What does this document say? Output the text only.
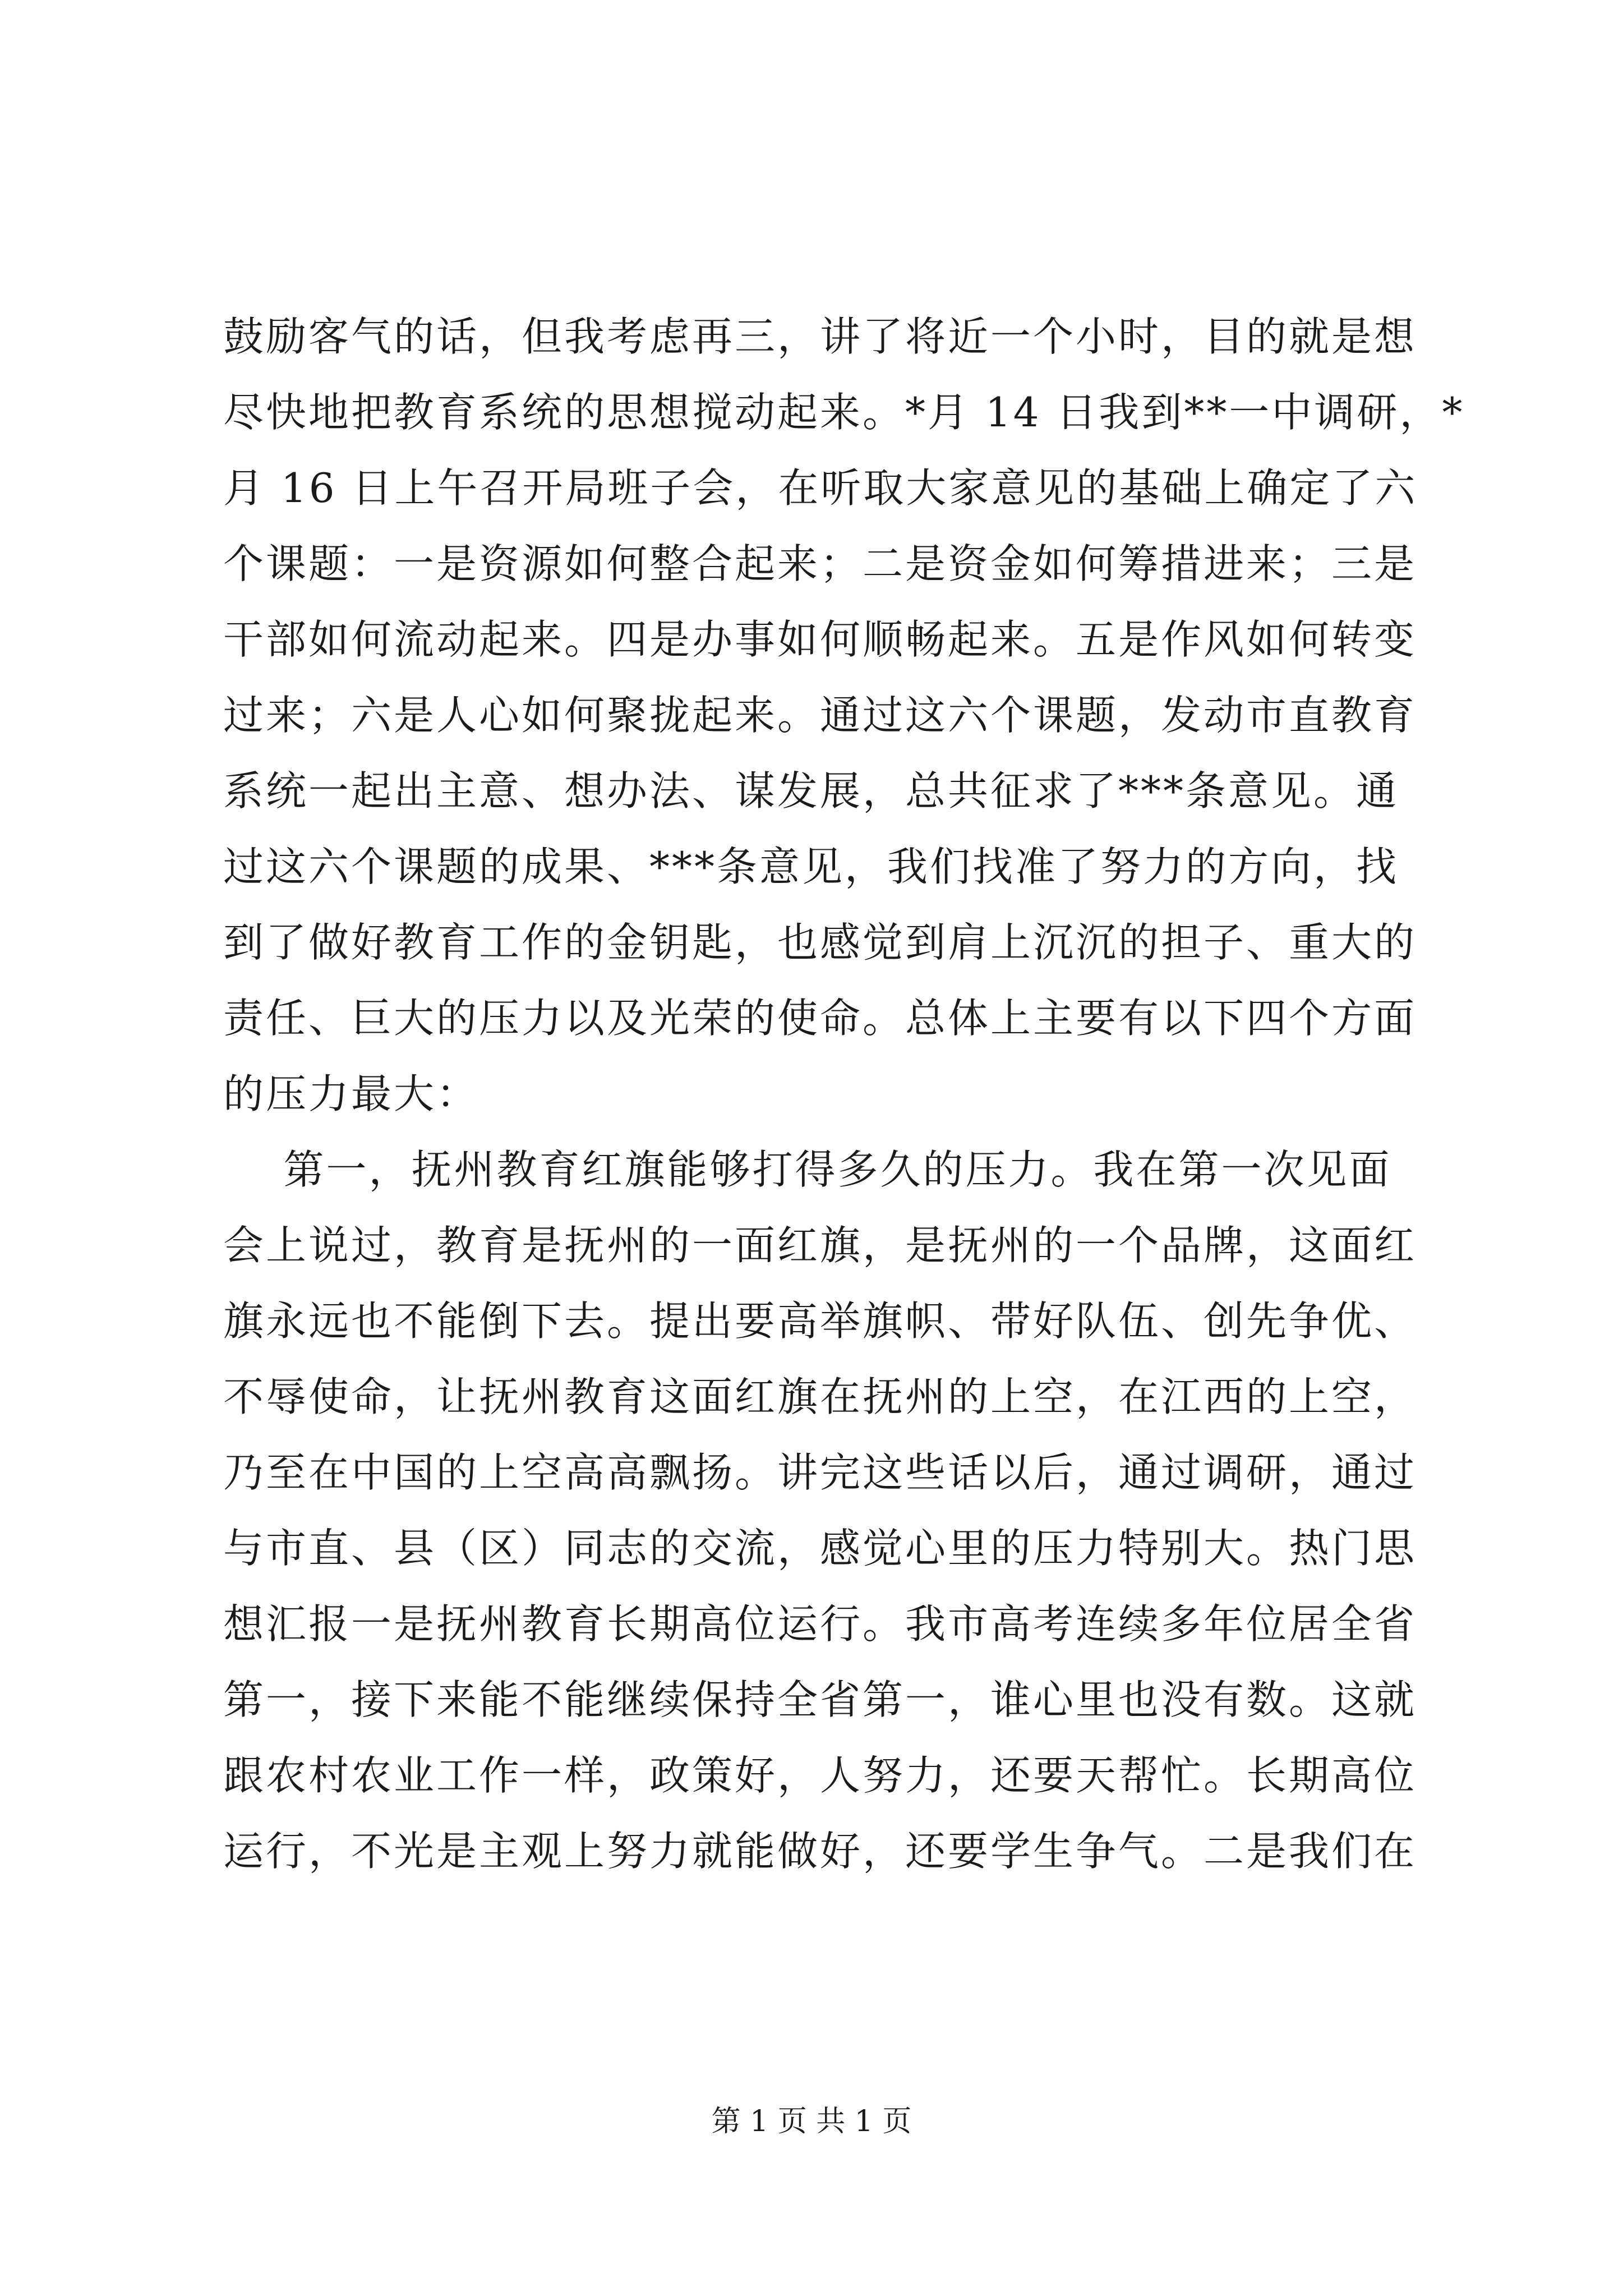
鼓励客气的话，但我考虑再三，讲了将近一个小时，目的就是想
尽快地把教育系统的思想搅动起来。*月 14 日我到**一中调研，*
月 16 日上午召开局班子会，在听取大家意见的基础上确定了六
个课题：一是资源如何整合起来；二是资金如何筹措进来；三是
干部如何流动起来。四是办事如何顺畅起来。五是作风如何转变
过来；六是人心如何聚拢起来。通过这六个课题，发动市直教育
系统一起出主意、想办法、谋发展，总共征求了***条意见。通
过这六个课题的成果、***条意见，我们找准了努力的方向，找
到了做好教育工作的金钥匙，也感觉到肩上沉沉的担子、重大的
责任、巨大的压力以及光荣的使命。总体上主要有以下四个方面
的压力最大：
第一，抚州教育红旗能够打得多久的压力。我在第一次见面
会上说过，教育是抚州的一面红旗，是抚州的一个品牌，这面红
旗永远也不能倒下去。提出要高举旗帜、带好队伍、创先争优、
不辱使命，让抚州教育这面红旗在抚州的上空，在江西的上空，
乃至在中国的上空高高飘扬。讲完这些话以后，通过调研，通过
与市直、县（区）同志的交流，感觉心里的压力特别大。热门思
想汇报一是抚州教育长期高位运行。我市高考连续多年位居全省
第一，接下来能不能继续保持全省第一，谁心里也没有数。这就
跟农村农业工作一样，政策好，人努力，还要天帮忙。长期高位
运行，不光是主观上努力就能做好，还要学生争气。二是我们在
第 1 页 共 1 页
